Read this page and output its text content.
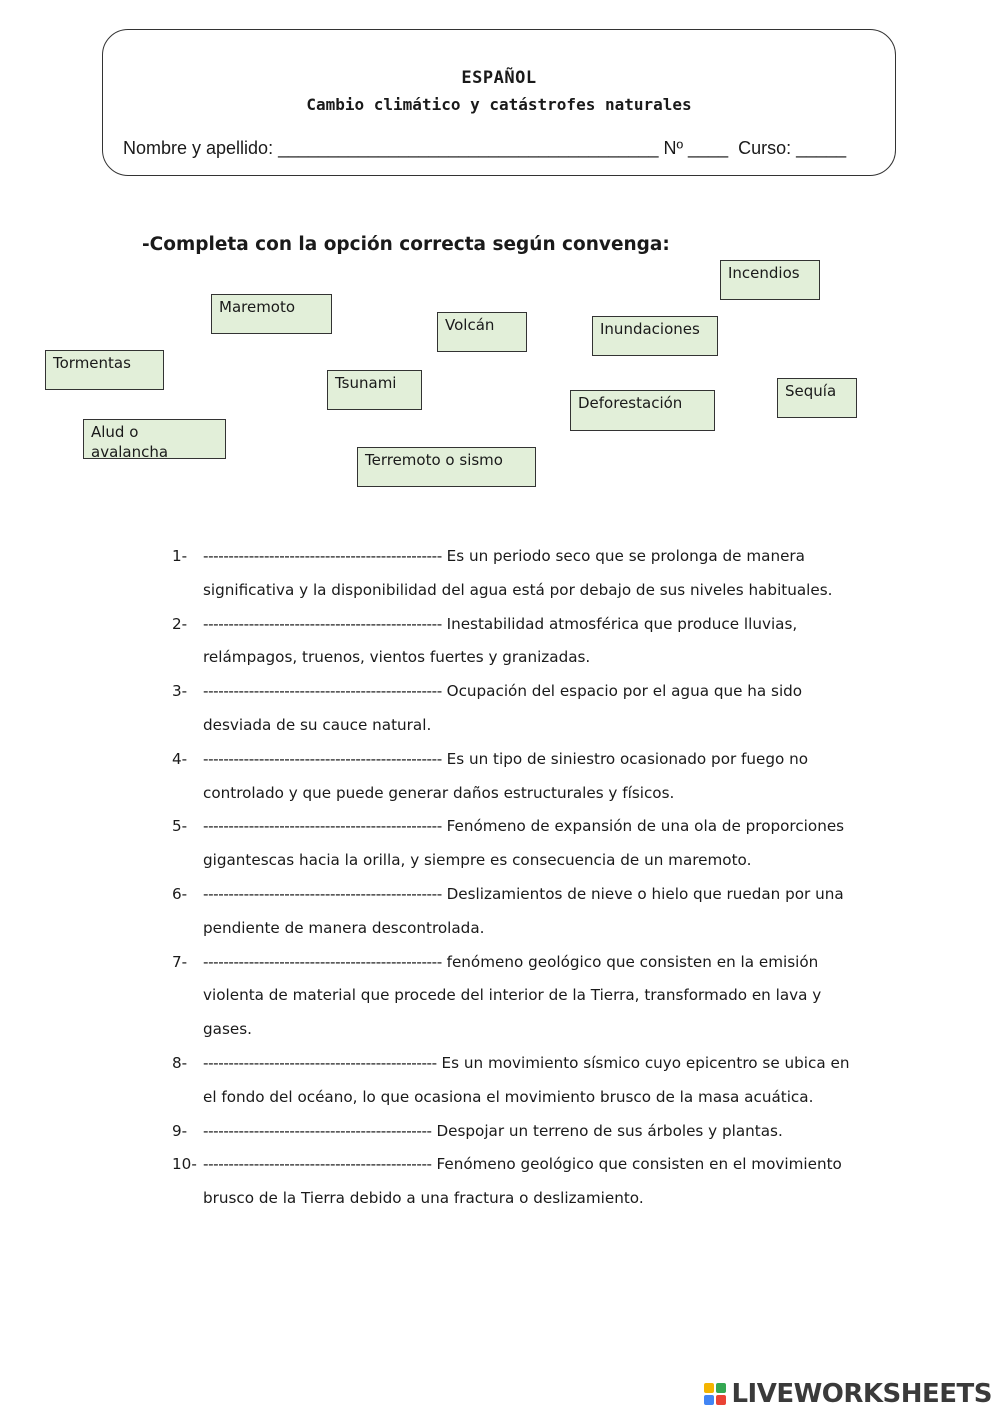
ESPAÑOL
Cambio climático y catástrofes naturales
Nombre y apellido: ______________________________________ Nº ____  Curso: _____
-Completa con la opción correcta según convenga:
Incendios
Maremoto
Volcán	Inundaciones
Tormentas
Tsunami	Sequía
Deforestación
Alud o avalancha	Terremoto o sismo
1- ----------------------------------------------- Es un periodo seco que se prolonga de manera significativa y la disponibilidad del agua está por debajo de sus niveles habituales.
2- ----------------------------------------------- Inestabilidad atmosférica que produce lluvias, relámpagos, truenos, vientos fuertes y granizadas.
3- ----------------------------------------------- Ocupación del espacio por el agua que ha sido desviada de su cauce natural.
4- ----------------------------------------------- Es un tipo de siniestro ocasionado por fuego no controlado y que puede generar daños estructurales y físicos.
5- ----------------------------------------------- Fenómeno de expansión de una ola de proporciones gigantescas hacia la orilla, y siempre es consecuencia de un maremoto.
6- ----------------------------------------------- Deslizamientos de nieve o hielo que ruedan por una pendiente de manera descontrolada.
7- ----------------------------------------------- fenómeno geológico que consisten en la emisión violenta de material que procede del interior de la Tierra, transformado en lava y gases.
8- ---------------------------------------------- Es un movimiento sísmico cuyo epicentro se ubica en el fondo del océano, lo que ocasiona el movimiento brusco de la masa acuática.
9- --------------------------------------------- Despojar un terreno de sus árboles y plantas.
10- --------------------------------------------- Fenómeno geológico que consisten en el movimiento brusco de la Tierra debido a una fractura o deslizamiento.
LIVEWORKSHEETS
